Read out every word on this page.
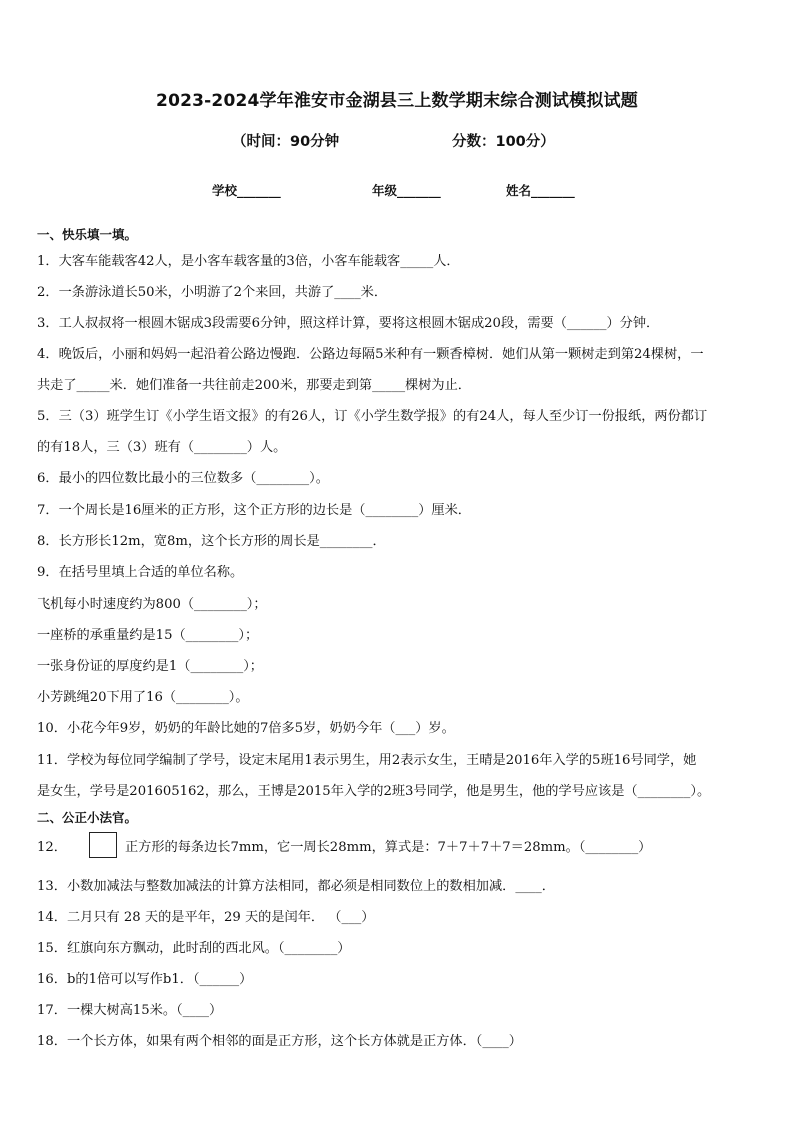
2023-2024学年淮安市金湖县三上数学期末综合测试模拟试题
（时间：90分钟	分数：100分）
学校_______	年级_______	姓名_______
一、快乐填一填。
1．大客车能载客42人，是小客车载客量的3倍，小客车能载客_____人．
2．一条游泳道长50米，小明游了2个来回，共游了____米．
3．工人叔叔将一根圆木锯成3段需要6分钟，照这样计算，要将这根圆木锯成20段，需要（______）分钟．
4．晚饭后，小丽和妈妈一起沿着公路边慢跑．公路边每隔5米种有一颗香樟树．她们从第一颗树走到第24棵树，一
共走了_____米．她们准备一共往前走200米，那要走到第_____棵树为止．
5．三（3）班学生订《小学生语文报》的有26人，订《小学生数学报》的有24人，每人至少订一份报纸，两份都订
的有18人，三（3）班有（________）人。
6．最小的四位数比最小的三位数多（________）。
7．一个周长是16厘米的正方形，这个正方形的边长是（________）厘米．
8．长方形长12m，宽8m，这个长方形的周长是________．
9．在括号里填上合适的单位名称。
飞机每小时速度约为800（________）；
一座桥的承重量约是15（________）；
一张身份证的厚度约是1（________）；
小芳跳绳20下用了16（________）。
10．小花今年9岁，奶奶的年龄比她的7倍多5岁，奶奶今年（___）岁。
11．学校为每位同学编制了学号，设定末尾用1表示男生，用2表示女生，王晴是2016年入学的5班16号同学，她
是女生，学号是201605162，那么，王博是2015年入学的2班3号同学，他是男生，他的学号应该是（________）。
二、公正小法官。
12．	正方形的每条边长7mm，它一周长28mm，算式是：7＋7＋7＋7＝28mm。（________）
13．小数加减法与整数加减法的计算方法相同，都必须是相同数位上的数相加减．____．
14．二月只有 28 天的是平年，29 天的是闰年． （___）
15．红旗向东方飘动，此时刮的西北风。（________）
16．b的1倍可以写作b1．（______）
17．一棵大树高15米。（____）
18．一个长方体，如果有两个相邻的面是正方形，这个长方体就是正方体．（____）
